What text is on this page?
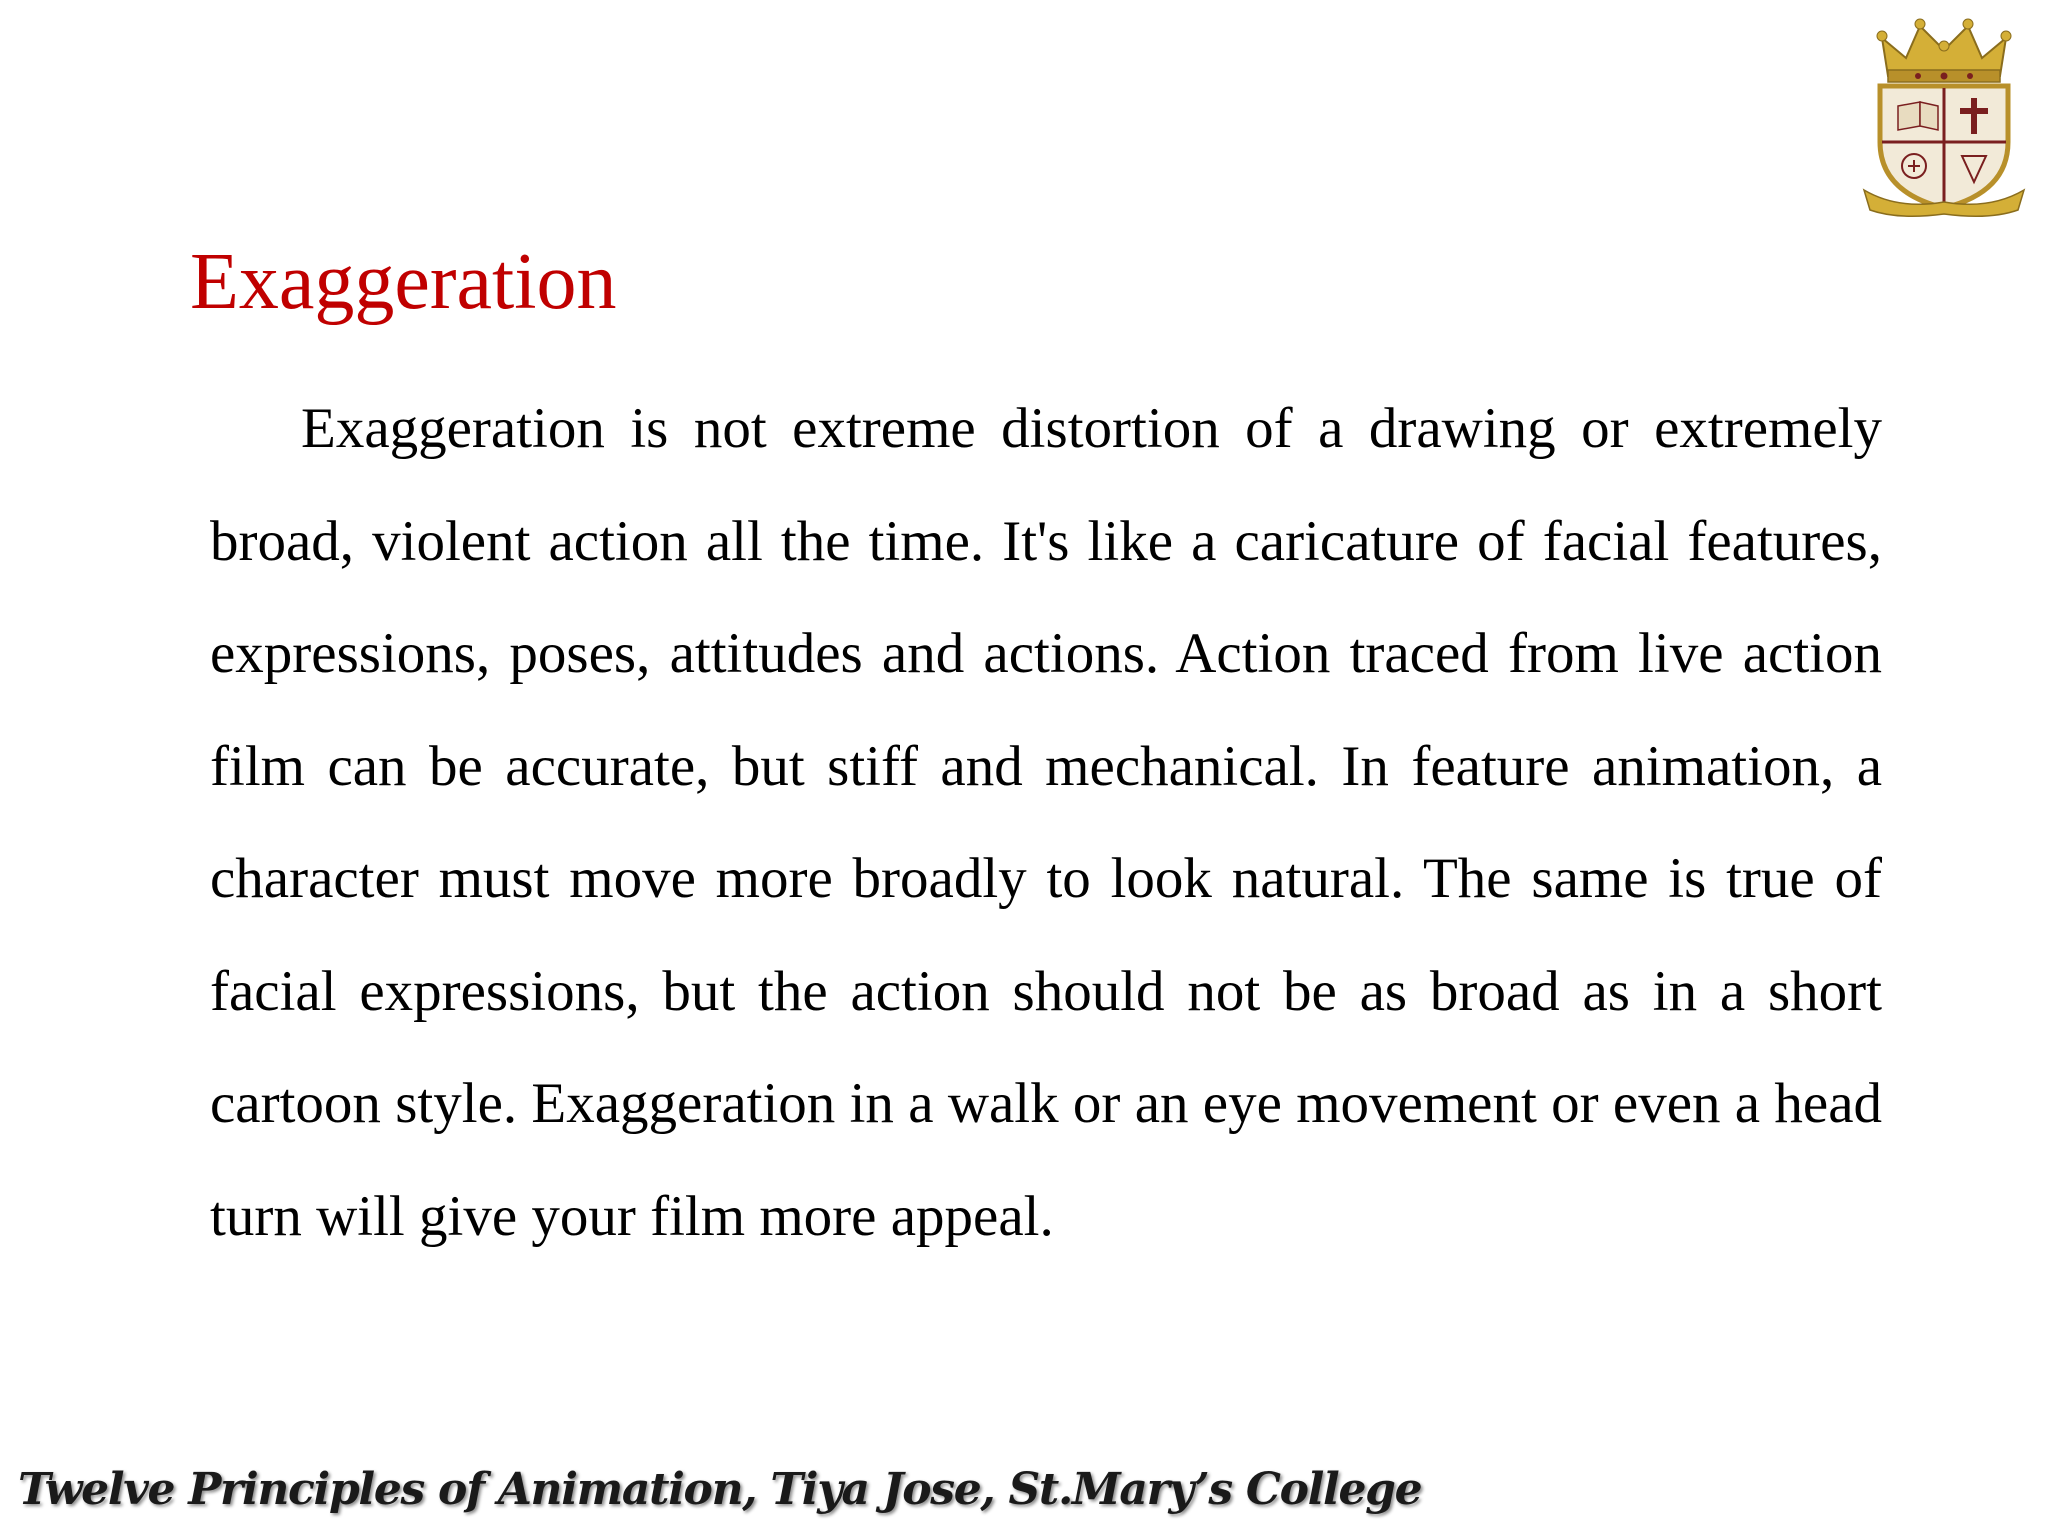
Exaggeration

Exaggeration is not extreme distortion of a drawing or extremely broad, violent action all the time. It's like a caricature of facial features, expressions, poses, attitudes and actions. Action traced from live action film can be accurate, but stiff and mechanical. In feature animation, a character must move more broadly to look natural. The same is true of facial expressions, but the action should not be as broad as in a short cartoon style. Exaggeration in a walk or an eye movement or even a head turn will give your film more appeal.

Twelve Principles of Animation, Tiya Jose, St.Mary’s College
